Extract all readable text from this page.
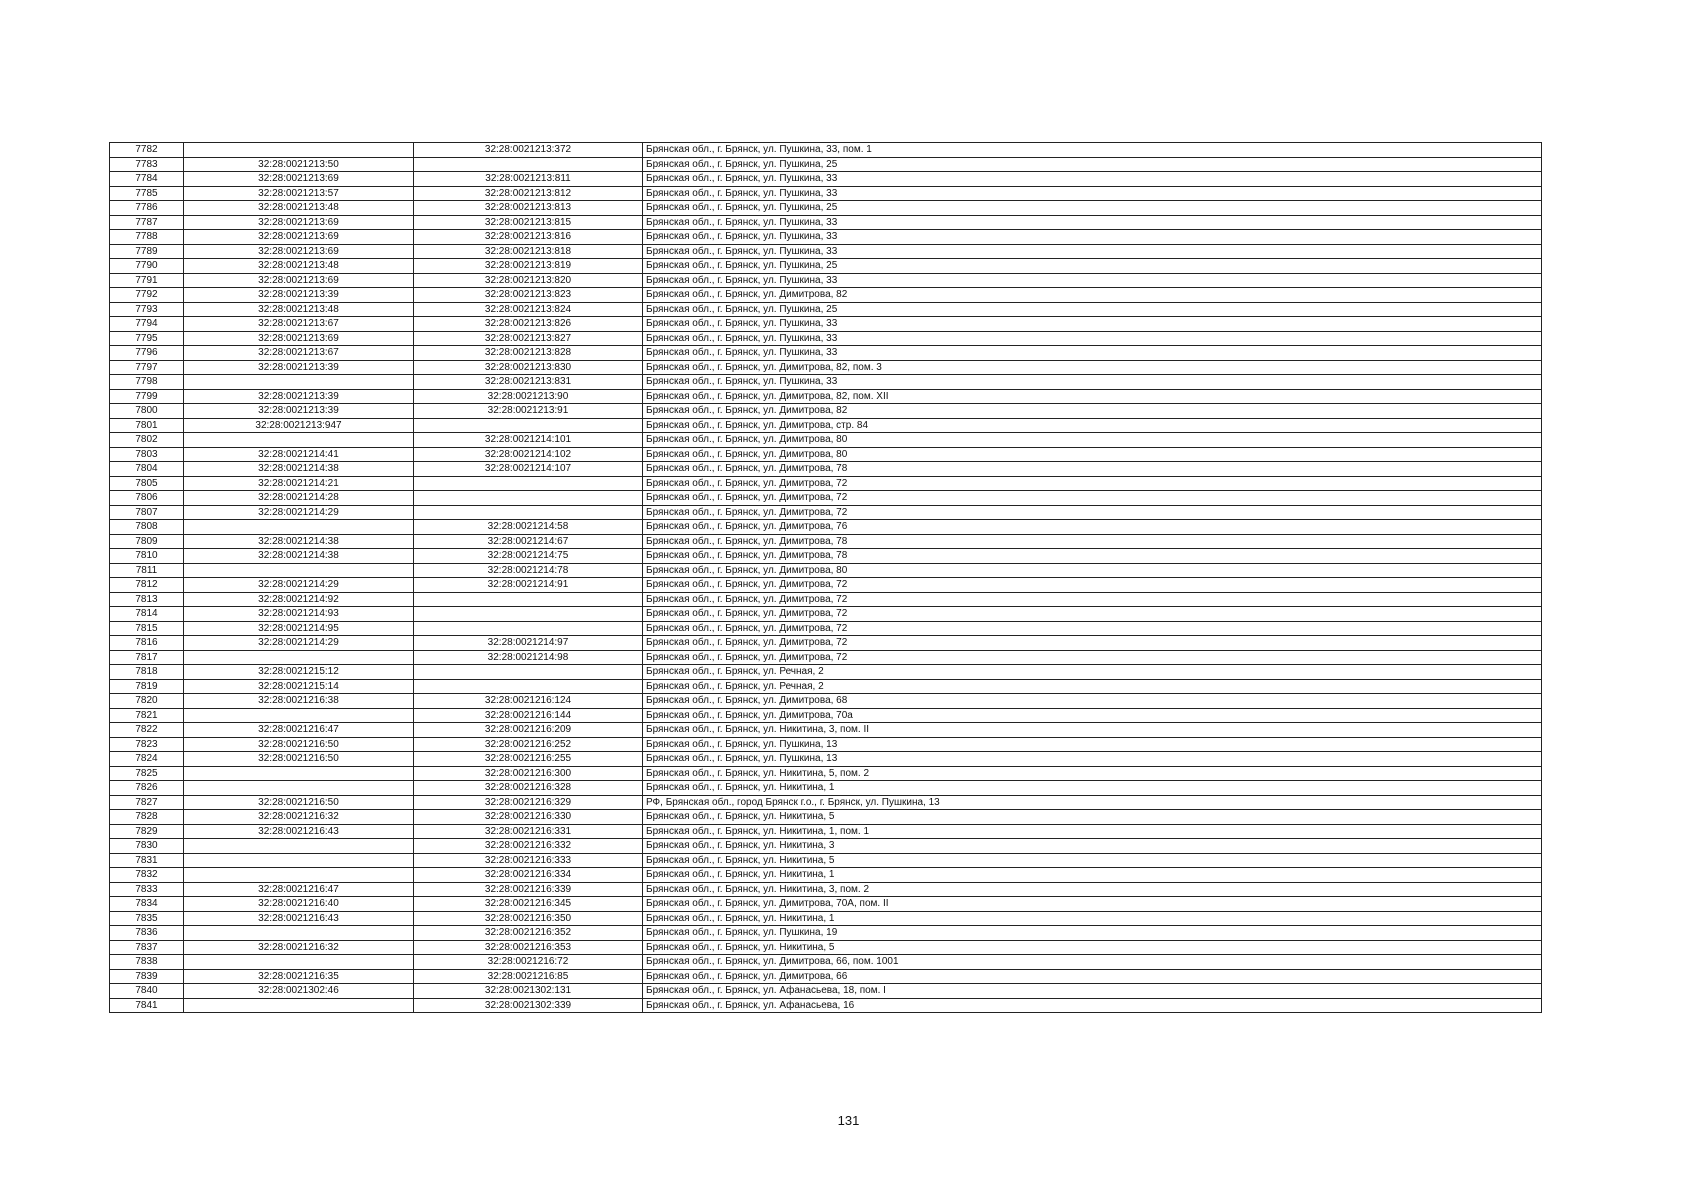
7782		32:28:0021213:372	Брянская обл., г. Брянск, ул. Пушкина, 33, пом. 1
7783	32:28:0021213:50		Брянская обл., г. Брянск, ул. Пушкина, 25
7784	32:28:0021213:69	32:28:0021213:811	Брянская обл., г. Брянск, ул. Пушкина, 33
7785	32:28:0021213:57	32:28:0021213:812	Брянская обл., г. Брянск, ул. Пушкина, 33
7786	32:28:0021213:48	32:28:0021213:813	Брянская обл., г. Брянск, ул. Пушкина, 25
7787	32:28:0021213:69	32:28:0021213:815	Брянская обл., г. Брянск, ул. Пушкина, 33
7788	32:28:0021213:69	32:28:0021213:816	Брянская обл., г. Брянск, ул. Пушкина, 33
7789	32:28:0021213:69	32:28:0021213:818	Брянская обл., г. Брянск, ул. Пушкина, 33
7790	32:28:0021213:48	32:28:0021213:819	Брянская обл., г. Брянск, ул. Пушкина, 25
7791	32:28:0021213:69	32:28:0021213:820	Брянская обл., г. Брянск, ул. Пушкина, 33
7792	32:28:0021213:39	32:28:0021213:823	Брянская обл., г. Брянск, ул. Димитрова, 82
7793	32:28:0021213:48	32:28:0021213:824	Брянская обл., г. Брянск, ул. Пушкина, 25
7794	32:28:0021213:67	32:28:0021213:826	Брянская обл., г. Брянск, ул. Пушкина, 33
7795	32:28:0021213:69	32:28:0021213:827	Брянская обл., г. Брянск, ул. Пушкина, 33
7796	32:28:0021213:67	32:28:0021213:828	Брянская обл., г. Брянск, ул. Пушкина, 33
7797	32:28:0021213:39	32:28:0021213:830	Брянская обл., г. Брянск, ул. Димитрова, 82, пом. 3
7798		32:28:0021213:831	Брянская обл., г. Брянск, ул. Пушкина, 33
7799	32:28:0021213:39	32:28:0021213:90	Брянская обл., г. Брянск, ул. Димитрова, 82, пом. XII
7800	32:28:0021213:39	32:28:0021213:91	Брянская обл., г. Брянск, ул. Димитрова, 82
7801	32:28:0021213:947		Брянская обл., г. Брянск, ул. Димитрова, стр. 84
7802		32:28:0021214:101	Брянская обл., г. Брянск, ул. Димитрова, 80
7803	32:28:0021214:41	32:28:0021214:102	Брянская обл., г. Брянск, ул. Димитрова, 80
7804	32:28:0021214:38	32:28:0021214:107	Брянская обл., г. Брянск, ул. Димитрова, 78
7805	32:28:0021214:21		Брянская обл., г. Брянск, ул. Димитрова, 72
7806	32:28:0021214:28		Брянская обл., г. Брянск, ул. Димитрова, 72
7807	32:28:0021214:29		Брянская обл., г. Брянск, ул. Димитрова, 72
7808		32:28:0021214:58	Брянская обл., г. Брянск, ул. Димитрова, 76
7809	32:28:0021214:38	32:28:0021214:67	Брянская обл., г. Брянск, ул. Димитрова, 78
7810	32:28:0021214:38	32:28:0021214:75	Брянская обл., г. Брянск, ул. Димитрова, 78
7811		32:28:0021214:78	Брянская обл., г. Брянск, ул. Димитрова, 80
7812	32:28:0021214:29	32:28:0021214:91	Брянская обл., г. Брянск, ул. Димитрова, 72
7813	32:28:0021214:92		Брянская обл., г. Брянск, ул. Димитрова, 72
7814	32:28:0021214:93		Брянская обл., г. Брянск, ул. Димитрова, 72
7815	32:28:0021214:95		Брянская обл., г. Брянск, ул. Димитрова, 72
7816	32:28:0021214:29	32:28:0021214:97	Брянская обл., г. Брянск, ул. Димитрова, 72
7817		32:28:0021214:98	Брянская обл., г. Брянск, ул. Димитрова, 72
7818	32:28:0021215:12		Брянская обл., г. Брянск, ул. Речная, 2
7819	32:28:0021215:14		Брянская обл., г. Брянск, ул. Речная, 2
7820	32:28:0021216:38	32:28:0021216:124	Брянская обл., г. Брянск, ул. Димитрова, 68
7821		32:28:0021216:144	Брянская обл., г. Брянск, ул. Димитрова, 70а
7822	32:28:0021216:47	32:28:0021216:209	Брянская обл., г. Брянск, ул. Никитина, 3, пом. II
7823	32:28:0021216:50	32:28:0021216:252	Брянская обл., г. Брянск, ул. Пушкина, 13
7824	32:28:0021216:50	32:28:0021216:255	Брянская обл., г. Брянск, ул. Пушкина, 13
7825		32:28:0021216:300	Брянская обл., г. Брянск, ул. Никитина, 5, пом. 2
7826		32:28:0021216:328	Брянская обл., г. Брянск, ул. Никитина, 1
7827	32:28:0021216:50	32:28:0021216:329	РФ, Брянская обл., город Брянск г.о., г. Брянск, ул. Пушкина, 13
7828	32:28:0021216:32	32:28:0021216:330	Брянская обл., г. Брянск, ул. Никитина, 5
7829	32:28:0021216:43	32:28:0021216:331	Брянская обл., г. Брянск, ул. Никитина, 1, пом. 1
7830		32:28:0021216:332	Брянская обл., г. Брянск, ул. Никитина, 3
7831		32:28:0021216:333	Брянская обл., г. Брянск, ул. Никитина, 5
7832		32:28:0021216:334	Брянская обл., г. Брянск, ул. Никитина, 1
7833	32:28:0021216:47	32:28:0021216:339	Брянская обл., г. Брянск, ул. Никитина, 3, пом. 2
7834	32:28:0021216:40	32:28:0021216:345	Брянская обл., г. Брянск, ул. Димитрова, 70А, пом. II
7835	32:28:0021216:43	32:28:0021216:350	Брянская обл., г. Брянск, ул. Никитина, 1
7836		32:28:0021216:352	Брянская обл., г. Брянск, ул. Пушкина, 19
7837	32:28:0021216:32	32:28:0021216:353	Брянская обл., г. Брянск, ул. Никитина, 5
7838		32:28:0021216:72	Брянская обл., г. Брянск, ул. Димитрова, 66, пом. 1001
7839	32:28:0021216:35	32:28:0021216:85	Брянская обл., г. Брянск, ул. Димитрова, 66
7840	32:28:0021302:46	32:28:0021302:131	Брянская обл., г. Брянск, ул. Афанасьева, 18, пом. I
7841		32:28:0021302:339	Брянская обл., г. Брянск, ул. Афанасьева, 16
131
